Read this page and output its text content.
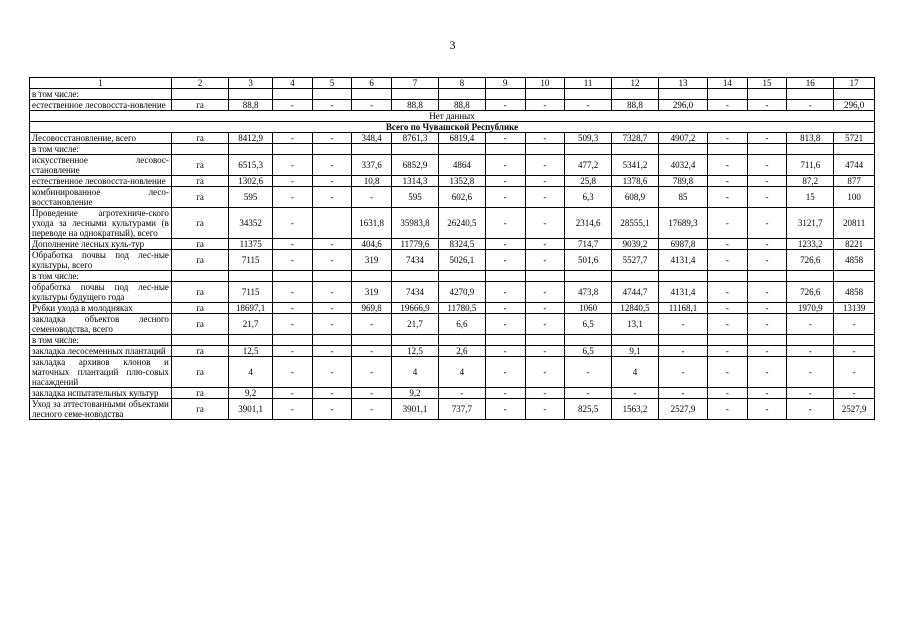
3
1	2	3	4	5	6	7	8	9	10	11	12	13	14	15	16	17
в том числе:																
естественное лесовосста-новление	га	88,8	-	-	-	88,8	88,8	-	-	-	88,8	296,0	-	-	-	296,0
Нет данных																
Всего по Чувашской Республике																
Лесовосстановление, всего	га	8412,9	-	-	348,4	8761,3	6819,4	-	-	509,3	7328,7	4907,2	-	-	813,8	5721
в том числе:																
искусственное лесовос-становление	га	6515,3	-	-	337,6	6852,9	4864	-	-	477,2	5341,2	4032,4	-	-	711,6	4744
естественное лесовосста-новление	га	1302,6	-	-	10,8	1314,3	1352,8	-	-	25,8	1378,6	789,8	-	-	87,2	877
комбинированное лесо-восстановление	га	595	-	-	-	595	602,6	-	-	6,3	608,9	85	-	-	15	100
Проведение агротехниче-ского ухода за лесными культурами (в переводе на однократный), всего	га	34352	-		1631,8	35983,8	26240,5	-	-	2314,6	28555,1	17689,3	-	-	3121,7	20811
Дополнение лесных куль-тур	га	11375	-	-	404,6	11779,6	8324,5	-	-	714,7	9039,2	6987,8	-	-	1233,2	8221
Обработка почвы под лес-ные культуры, всего	га	7115	-	-	319	7434	5026,1	-	-	501,6	5527,7	4131,4	-	-	726,6	4858
в том числе:																
обработка почвы под лес-ные культуры будущего года	га	7115	-	-	319	7434	4270,9	-	-	473,8	4744,7	4131,4	-	-	726,6	4858
Рубки ухода в молодняках	га	18697,1	-	-	969,8	19666,9	11780,5	-	-	1060	12840,5	11168,1	-	-	1970,9	13139
закладка объектов лесного семеноводства, всего	га	21,7	-	-	-	21,7	6,6	-	-	6,5	13,1	-	-	-	-	-
в том числе:																
закладка лесосеменных плантаций	га	12,5	-	-	-	12,5	2,6	-	-	6,5	9,1	-	-	-	-	-
закладка архивов клонов и маточных плантаций плю-совых насаждений	га	4	-	-	-	4	4	-	-	-	4	-	-	-	-	-
закладка испытательных культур	га	9,2	-	-	-	9,2	-	-	-	-	-	-	-	-	-	-
Уход за аттестованными объектами лесного семе-новодства	га	3901,1	-	-	-	3901,1	737,7	-	-	825,5	1563,2	2527,9	-	-	-	2527,9
